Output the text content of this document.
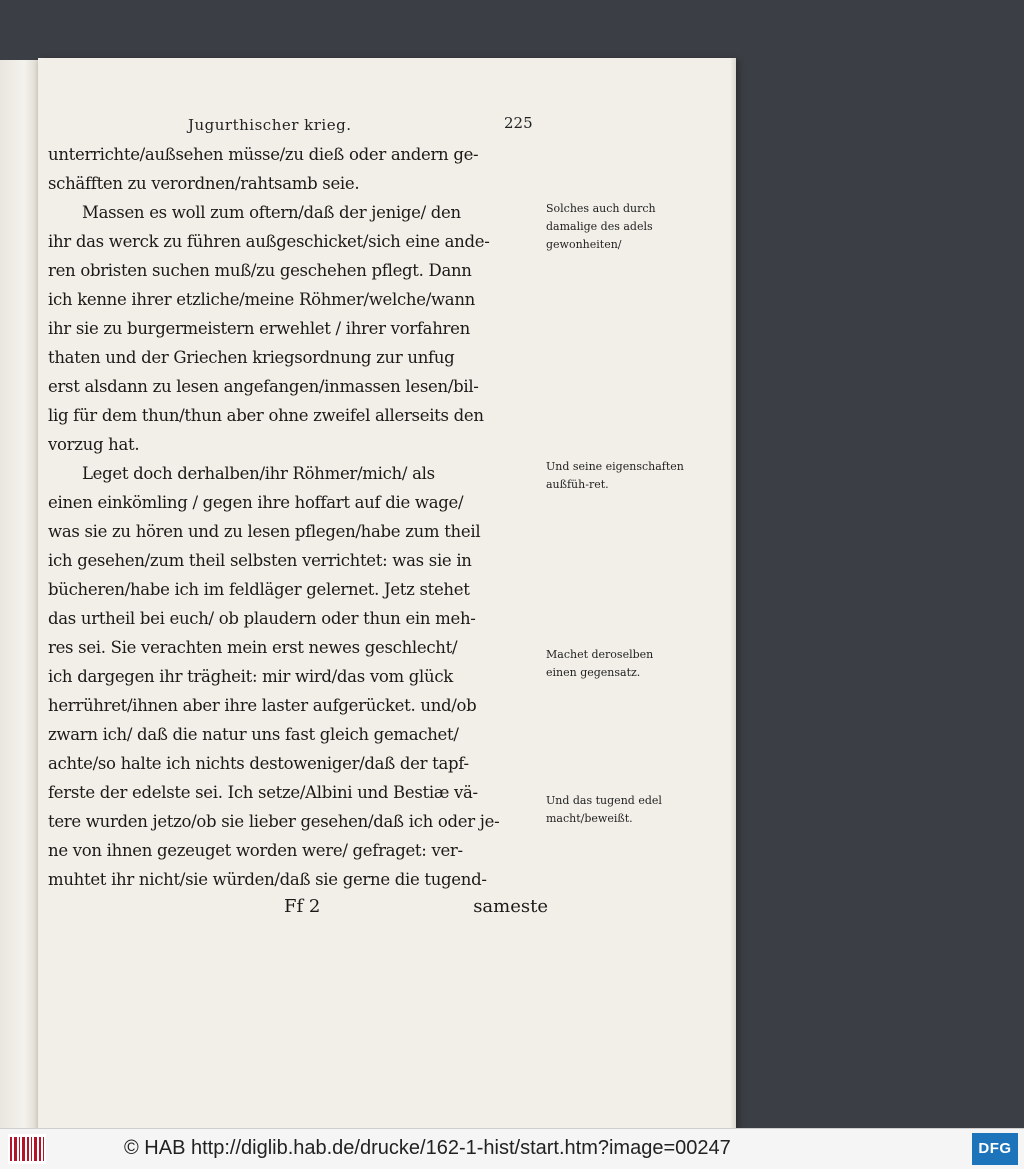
Jugurthischer krieg.	225
unterrichte/außsehen müsse/zu dieß oder andern ge-
schäfften zu verordnen/rahtsamb seie.
Massen es woll zum oftern/daß der jenige/ den
ihr das werck zu führen außgeschicket/sich eine ande-
ren obristen suchen muß/zu geschehen pflegt. Dann
ich kenne ihrer etzliche/meine Röhmer/welche/wann
ihr sie zu burgermeistern erwehlet / ihrer vorfahren
thaten und der Griechen kriegsordnung zur unfug
erst alsdann zu lesen angefangen/inmassen lesen/bil-
lig für dem thun/thun aber ohne zweifel allerseits den
vorzug hat.
Leget doch derhalben/ihr Röhmer/mich/ als
einen einkömling / gegen ihre hoffart auf die wage/
was sie zu hören und zu lesen pflegen/habe zum theil
ich gesehen/zum theil selbsten verrichtet: was sie in
bücheren/habe ich im feldläger gelernet. Jetz stehet
das urtheil bei euch/ ob plaudern oder thun ein meh-
res sei. Sie verachten mein erst newes geschlecht/
ich dargegen ihr trägheit: mir wird/das vom glück
herrühret/ihnen aber ihre laster aufgerücket. und/ob
zwarn ich/ daß die natur uns fast gleich gemachet/
achte/so halte ich nichts destoweniger/daß der tapf-
ferste der edelste sei. Ich setze/Albini und Bestiæ vä-
tere wurden jetzo/ob sie lieber gesehen/daß ich oder je-
ne von ihnen gezeuget worden were/ gefraget: ver-
muhtet ihr nicht/sie würden/daß sie gerne die tugend-
Solches auch durch damalige des adels gewonheiten/
Und seine eigenschaften außfüh-ret.
Machet deroselben einen gegensatz.
Und das tugend edel macht/beweißt.
Ff 2	sameste
© HAB http://diglib.hab.de/drucke/162-1-hist/start.htm?image=00247	DFG
